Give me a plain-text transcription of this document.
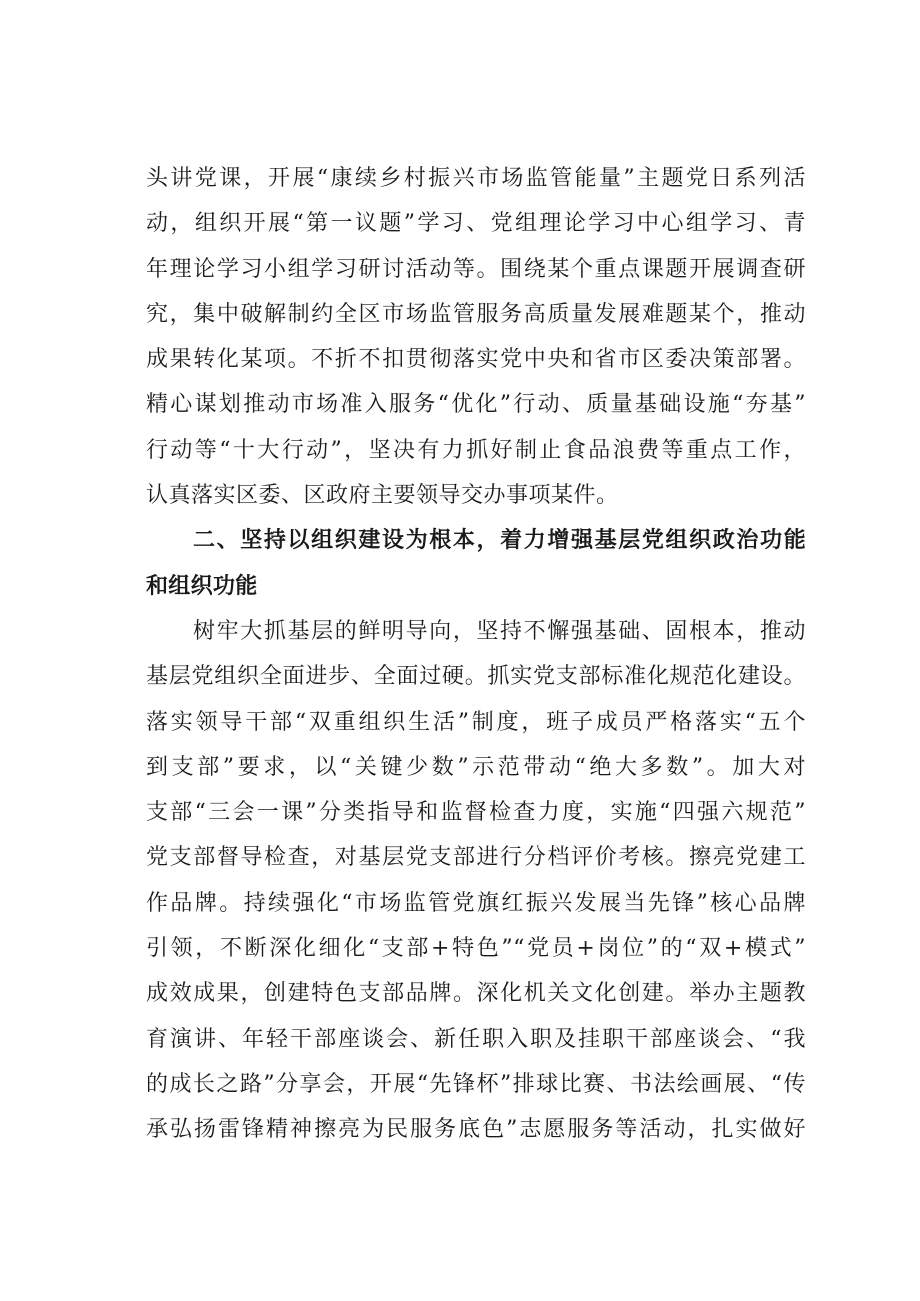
头讲党课，开展“康续乡村振兴市场监管能量”主题党日系列活
动，组织开展“第一议题”学习、党组理论学习中心组学习、青
年理论学习小组学习研讨活动等。围绕某个重点课题开展调查研
究，集中破解制约全区市场监管服务高质量发展难题某个，推动
成果转化某项。不折不扣贯彻落实党中央和省市区委决策部署。
精心谋划推动市场准入服务“优化”行动、质量基础设施“夯基”
行动等“十大行动”，坚决有力抓好制止食品浪费等重点工作，
认真落实区委、区政府主要领导交办事项某件。
二、坚持以组织建设为根本，着力增强基层党组织政治功能
和组织功能
树牢大抓基层的鲜明导向，坚持不懈强基础、固根本，推动
基层党组织全面进步、全面过硬。抓实党支部标准化规范化建设。
落实领导干部“双重组织生活”制度，班子成员严格落实“五个
到支部”要求，以“关键少数”示范带动“绝大多数”。加大对
支部“三会一课”分类指导和监督检查力度，实施“四强六规范”
党支部督导检查，对基层党支部进行分档评价考核。擦亮党建工
作品牌。持续强化“市场监管党旗红振兴发展当先锋”核心品牌
引领，不断深化细化“支部+特色”“党员+岗位”的“双+模式”
成效成果，创建特色支部品牌。深化机关文化创建。举办主题教
育演讲、年轻干部座谈会、新任职入职及挂职干部座谈会、“我
的成长之路”分享会，开展“先锋杯”排球比赛、书法绘画展、“传
承弘扬雷锋精神擦亮为民服务底色”志愿服务等活动，扎实做好
